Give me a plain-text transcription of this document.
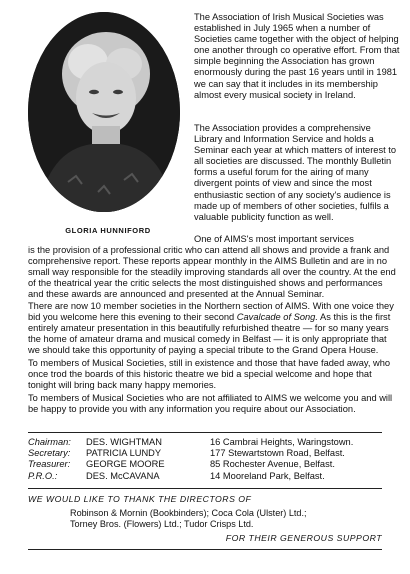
GLORIA HUNNIFORD

The Association of Irish Musical Societies was established in July 1965 when a number of Societies came together with the object of helping one another through co operative effort. From that simple beginning the Association has grown enormously during the past 16 years until in 1981 we can say that it includes in its membership almost every musical society in Ireland.

The Association provides a comprehensive Library and Information Service and holds a Seminar each year at which matters of interest to all societies are discussed. The monthly Bulletin forms a useful forum for the airing of many divergent points of view and since the most enthusiastic section of any society's audience is made up of members of other societies, fulfils a valuable publicity function as well.

One of AIMS's most important services

is the provision of a professional critic who can attend all shows and provide a frank and comprehensive report. These reports appear monthly in the AIMS Bulletin and are in no small way responsible for the steadily improving standards all over the country. At the end of the theatrical year the critic selects the most distinguished shows and performances and these awards are announced and presented at the Annual Seminar.

There are now 10 member societies in the Northern section of AIMS. With one voice they bid you welcome here this evening to their second Cavalcade of Song. As this is the first entirely amateur presentation in this beautifully refurbished theatre — for so many years the home of amateur drama and musical comedy in Belfast — it is only appropriate that we should take this opportunity of paying a special tribute to the Grand Opera House.

To members of Musical Societies, still in existence and those that have faded away, who once trod the boards of this historic theatre we bid a special welcome and hope that tonight will bring back many happy memories.

To members of Musical Societies who are not affiliated to AIMS we welcome you and will be happy to provide you with any information you require about our Association.

Chairman:	DES. WIGHTMAN	16 Cambrai Heights, Waringstown.
Secretary:	PATRICIA LUNDY	177 Stewartstown Road, Belfast.
Treasurer:	GEORGE MOORE	85 Rochester Avenue, Belfast.
P.R.O.:	DES. McCAVANA	14 Mooreland Park, Belfast.
WE WOULD LIKE TO THANK THE DIRECTORS OF
Robinson & Mornin (Bookbinders); Coca Cola (Ulster) Ltd.;
Torney Bros. (Flowers) Ltd.; Tudor Crisps Ltd.
FOR THEIR GENEROUS SUPPORT
